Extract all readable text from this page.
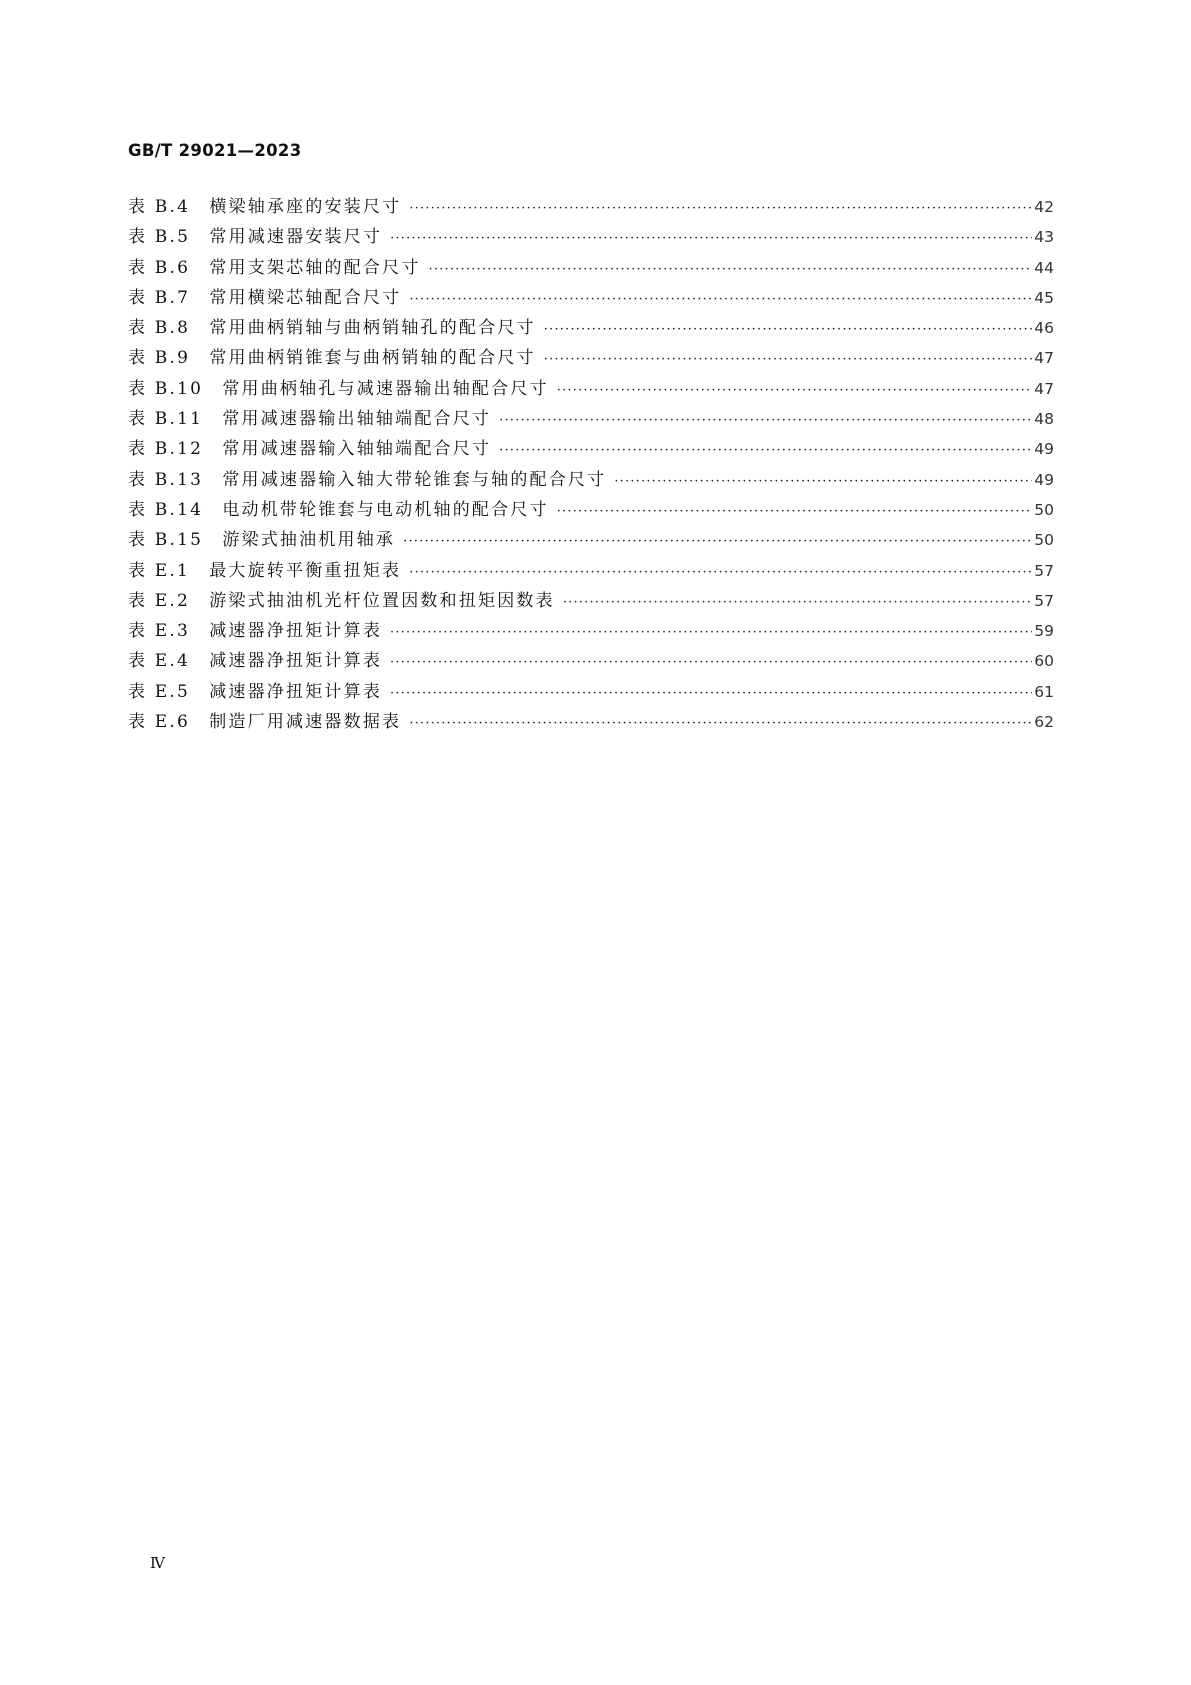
GB/T 29021—2023
表 B.4　横梁轴承座的安装尺寸 ·····	42
表 B.5　常用减速器安装尺寸 ·····	43
表 B.6　常用支架芯轴的配合尺寸 ·····	44
表 B.7　常用横梁芯轴配合尺寸 ·····	45
表 B.8　常用曲柄销轴与曲柄销轴孔的配合尺寸 ·····	46
表 B.9　常用曲柄销锥套与曲柄销轴的配合尺寸 ·····	47
表 B.10　常用曲柄轴孔与减速器输出轴配合尺寸 ·····	47
表 B.11　常用减速器输出轴轴端配合尺寸 ·····	48
表 B.12　常用减速器输入轴轴端配合尺寸 ·····	49
表 B.13　常用减速器输入轴大带轮锥套与轴的配合尺寸 ·····	49
表 B.14　电动机带轮锥套与电动机轴的配合尺寸 ·····	50
表 B.15　游梁式抽油机用轴承 ·····	50
表 E.1　最大旋转平衡重扭矩表 ·····	57
表 E.2　游梁式抽油机光杆位置因数和扭矩因数表 ·····	57
表 E.3　减速器净扭矩计算表 ·····	59
表 E.4　减速器净扭矩计算表 ·····	60
表 E.5　减速器净扭矩计算表 ·····	61
表 E.6　制造厂用减速器数据表 ·····	62
Ⅳ
